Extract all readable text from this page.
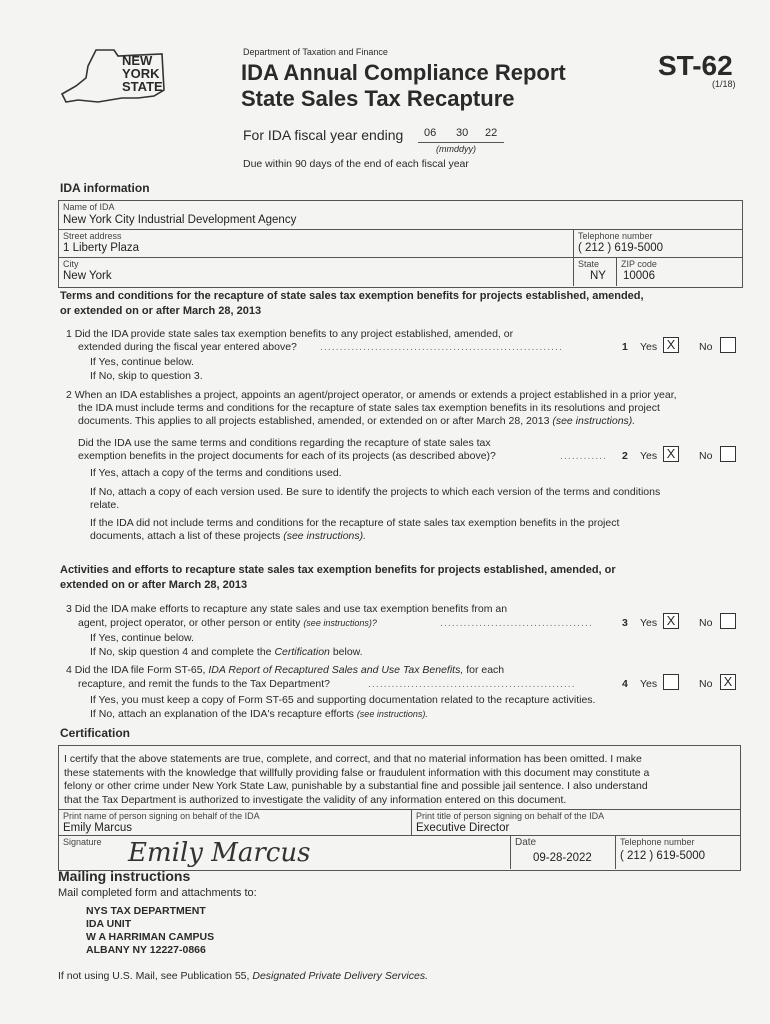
NEW
YORK
STATE
Department of Taxation and Finance
IDA Annual Compliance Report
State Sales Tax Recapture
ST-62
(1/18)
For IDA fiscal year ending 06 30 22
(mmddyy)
Due within 90 days of the end of each fiscal year
IDA information
Name of IDA
New York City Industrial Development Agency
Street address
1 Liberty Plaza
Telephone number
( 212 ) 619-5000
City
New York
State
NY
ZIP code
10006
Terms and conditions for the recapture of state sales tax exemption benefits for projects established, amended,
or extended on or after March 28, 2013
1 Did the IDA provide state sales tax exemption benefits to any project established, amended, or
extended during the fiscal year entered above? ..............................................................	1 Yes X	No
If Yes, continue below.
If No, skip to question 3.
2 When an IDA establishes a project, appoints an agent/project operator, or amends or extends a project established in a prior year,
the IDA must include terms and conditions for the recapture of state sales tax exemption benefits in its resolutions and project
documents. This applies to all projects established, amended, or extended on or after March 28, 2013 (see instructions).
Did the IDA use the same terms and conditions regarding the recapture of state sales tax
exemption benefits in the project documents for each of its projects (as described above)?	............ 2 Yes X	No
If Yes, attach a copy of the terms and conditions used.
If No, attach a copy of each version used. Be sure to identify the projects to which each version of the terms and conditions
relate.
If the IDA did not include terms and conditions for the recapture of state sales tax exemption benefits in the project
documents, attach a list of these projects (see instructions).
Activities and efforts to recapture state sales tax exemption benefits for projects established, amended, or
extended on or after March 28, 2013
3 Did the IDA make efforts to recapture any state sales and use tax exemption benefits from an
agent, project operator, or other person or entity (see instructions)?	.......................................	3 Yes X	No
If Yes, continue below.
If No, skip question 4 and complete the Certification below.
4 Did the IDA file Form ST-65, IDA Report of Recaptured Sales and Use Tax Benefits, for each
recapture, and remit the funds to the Tax Department?	.....................................................	4 Yes	No X
If Yes, you must keep a copy of Form ST-65 and supporting documentation related to the recapture activities.
If No, attach an explanation of the IDA's recapture efforts (see instructions).
Certification
I certify that the above statements are true, complete, and correct, and that no material information has been omitted. I make
these statements with the knowledge that willfully providing false or fraudulent information with this document may constitute a
felony or other crime under New York State Law, punishable by a substantial fine and possible jail sentence. I also understand
that the Tax Department is authorized to investigate the validity of any information entered on this document.
Print name of person signing on behalf of the IDA
Emily Marcus
Print title of person signing on behalf of the IDA
Executive Director
Signature Emily Marcus	Date
09-28-2022
Telephone number
( 212 ) 619-5000
Mailing instructions
Mail completed form and attachments to:
NYS TAX DEPARTMENT
IDA UNIT
W A HARRIMAN CAMPUS
ALBANY NY 12227-0866
If not using U.S. Mail, see Publication 55, Designated Private Delivery Services.
